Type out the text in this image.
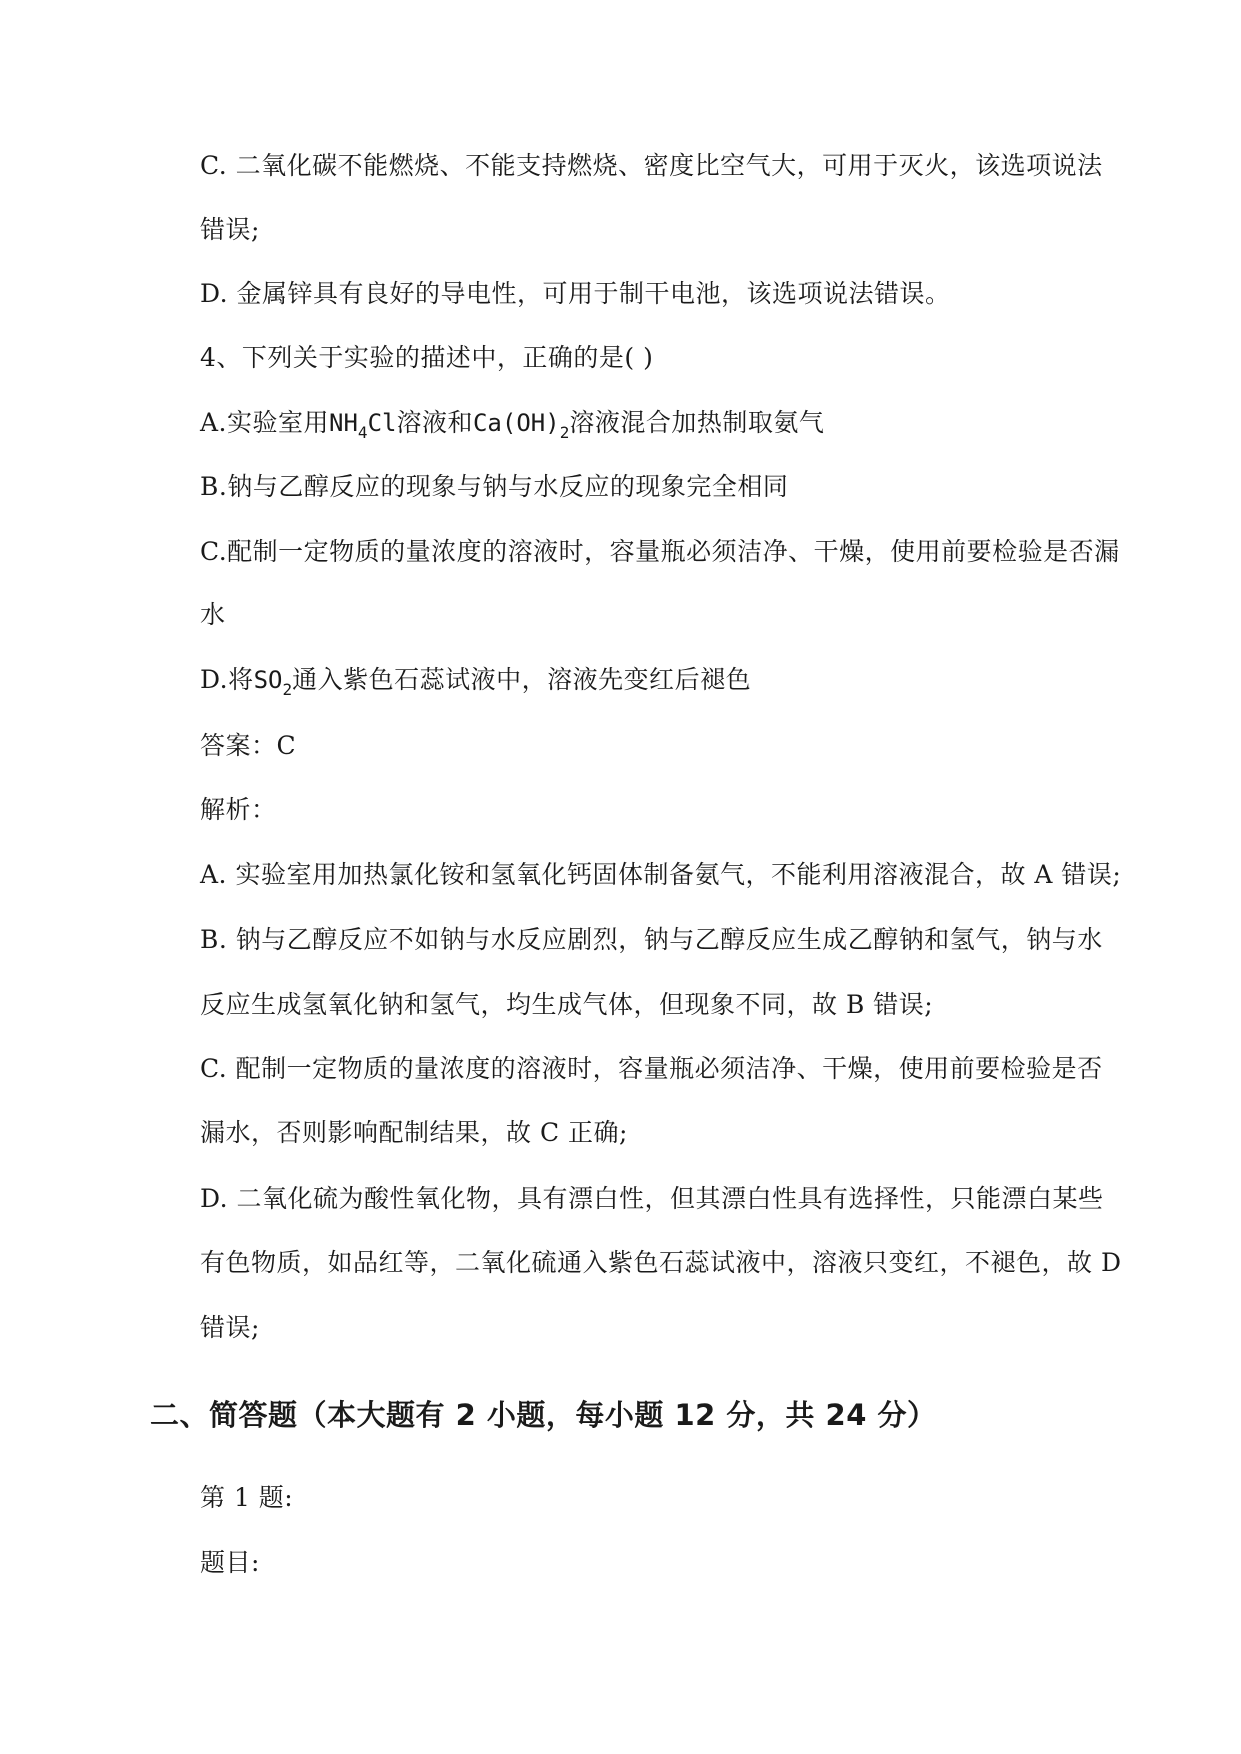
C. 二氧化碳不能燃烧、不能支持燃烧、密度比空气大，可用于灭火，该选项说法
错误;
D. 金属锌具有良好的导电性，可用于制干电池，该选项说法错误。
4、下列关于实验的描述中，正确的是( )
A.实验室用$NH_4Cl$溶液和$Ca(OH)_2$溶液混合加热制取氨气
B.钠与乙醇反应的现象与钠与水反应的现象完全相同
C.配制一定物质的量浓度的溶液时，容量瓶必须洁净、干燥，使用前要检验是否漏
水
D.将$SO_2$通入紫色石蕊试液中，溶液先变红后褪色
答案：C
解析：
A. 实验室用加热氯化铵和氢氧化钙固体制备氨气，不能利用溶液混合，故 A 错误;
B. 钠与乙醇反应不如钠与水反应剧烈，钠与乙醇反应生成乙醇钠和氢气，钠与水
反应生成氢氧化钠和氢气，均生成气体，但现象不同，故 B 错误;
C. 配制一定物质的量浓度的溶液时，容量瓶必须洁净、干燥，使用前要检验是否
漏水，否则影响配制结果，故 C 正确;
D. 二氧化硫为酸性氧化物，具有漂白性，但其漂白性具有选择性，只能漂白某些
有色物质，如品红等，二氧化硫通入紫色石蕊试液中，溶液只变红，不褪色，故 D
错误;
二、简答题（本大题有 2 小题，每小题 12 分，共 24 分）
第 1 题:
题目:
